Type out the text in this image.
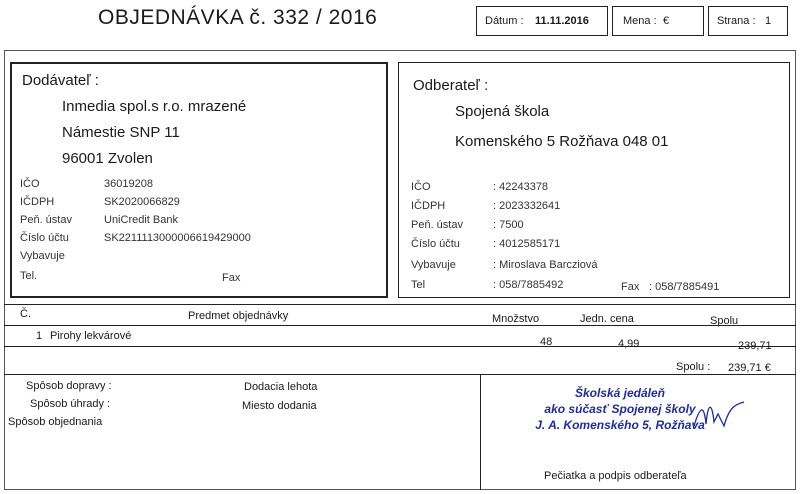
OBJEDNÁVKA č. 332 / 2016	Dátum : 11.11.2016	Mena : €	Strana : 1
Dodávateľ :
Inmedia spol.s r.o. mrazené
Námestie SNP 11
96001 Zvolen
IČO	36019208
IČDPH	SK2020066829
Peň. ústav	UniCredit Bank
Číslo účtu	SK2211113000006619429000
Vybavuje
Tel.	Fax
Odberateľ :
Spojená škola
Komenského 5 Rožňava 048 01
IČO	: 42243378
IČDPH	: 2023332641
Peň. ústav	: 7500
Číslo účtu	: 4012585171
Vybavuje	: Miroslava Barcziová
Tel	: 058/7885492	Fax : 058/7885491
Č.	Predmet objednávky	Množstvo	Jedn. cena	Spolu
1 Pirohy lekvárové	48	4,99	239,71
Spolu : 239,71 €
Spôsob dopravy :
Spôsob úhrady :
Spôsob objednania
Dodacia lehota
Miesto dodania
Školská jedáleň
ako súčasť Spojenej školy
J. A. Komenského 5, Rožňava
Pečiatka a podpis odberateľa
